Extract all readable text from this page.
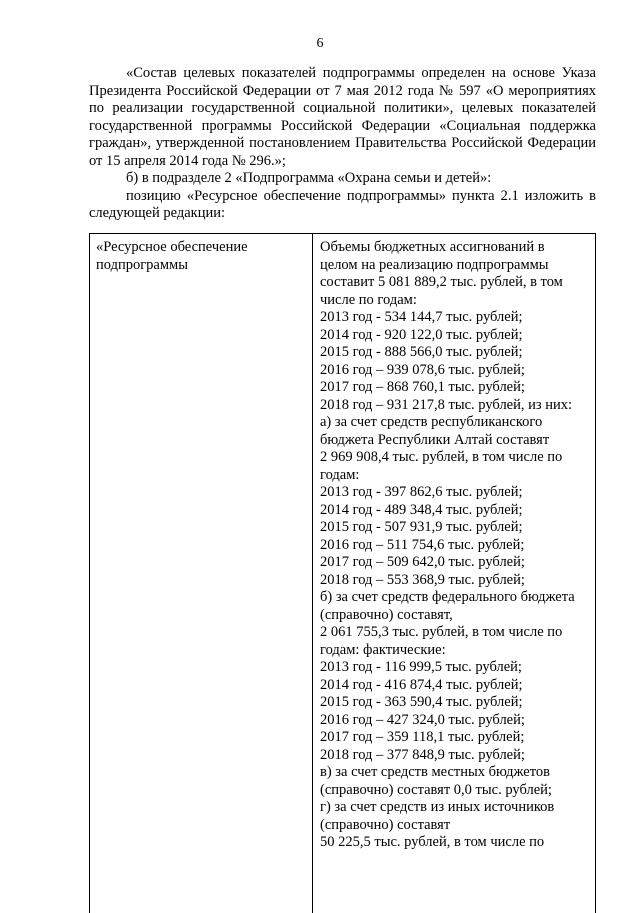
6

«Состав целевых показателей подпрограммы определен на основе Указа Президента Российской Федерации от 7 мая 2012 года № 597 «О мероприятиях по реализации государственной социальной политики», целевых показателей государственной программы Российской Федерации «Социальная поддержка граждан», утвержденной постановлением Правительства Российской Федерации от 15 апреля 2014 года № 296.»;

б) в подразделе 2 «Подпрограмма «Охрана семьи и детей»:

позицию «Ресурсное обеспечение подпрограммы» пункта 2.1 изложить в следующей редакции:

«Ресурсное обеспечение подпрограммы
Объемы бюджетных ассигнований в
целом на реализацию подпрограммы
составит 5 081 889,2 тыс. рублей, в том
числе по годам:
2013 год - 534 144,7 тыс. рублей;
2014 год - 920 122,0 тыс. рублей;
2015 год - 888 566,0 тыс. рублей;
2016 год – 939 078,6 тыс. рублей;
2017 год – 868 760,1 тыс. рублей;
2018 год – 931 217,8 тыс. рублей, из них:
а) за счет средств республиканского
бюджета Республики Алтай составят
2 969 908,4 тыс. рублей, в том числе по
годам:
2013 год - 397 862,6 тыс. рублей;
2014 год - 489 348,4 тыс. рублей;
2015 год - 507 931,9 тыс. рублей;
2016 год – 511 754,6 тыс. рублей;
2017 год – 509 642,0 тыс. рублей;
2018 год – 553 368,9 тыс. рублей;
б) за счет средств федерального бюджета
(справочно) составят,
2 061 755,3 тыс. рублей, в том числе по
годам: фактические:
2013 год - 116 999,5 тыс. рублей;
2014 год - 416 874,4 тыс. рублей;
2015 год - 363 590,4 тыс. рублей;
2016 год – 427 324,0 тыс. рублей;
2017 год – 359 118,1 тыс. рублей;
2018 год – 377 848,9 тыс. рублей;
в) за счет средств местных бюджетов
(справочно) составят 0,0 тыс. рублей;
г) за счет средств из иных источников
(справочно) составят
50 225,5 тыс. рублей, в том числе по
